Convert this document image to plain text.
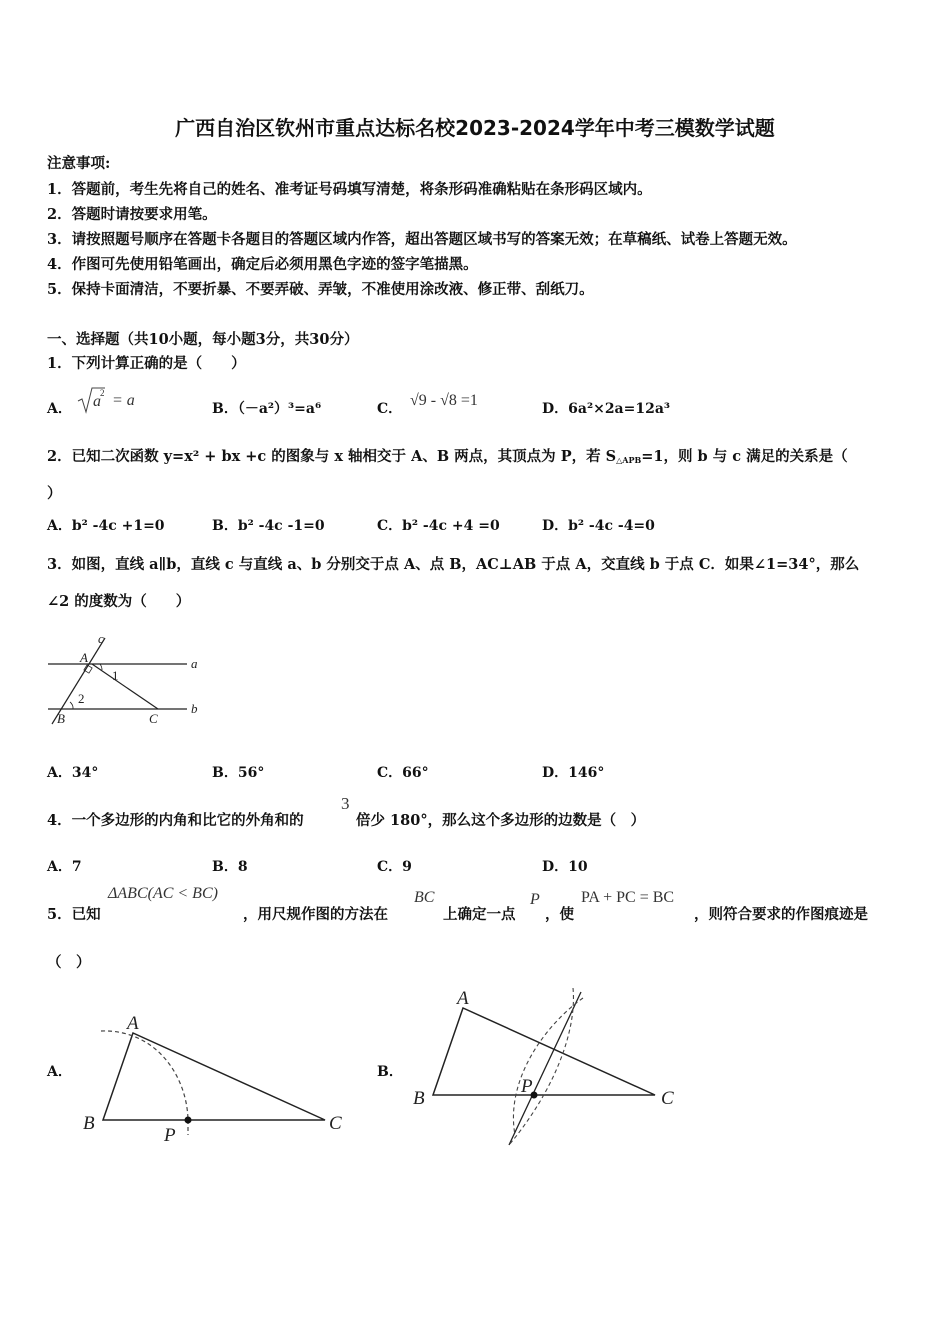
广西自治区钦州市重点达标名校2023-2024学年中考三模数学试题
注意事项:
1．答题前，考生先将自己的姓名、准考证号码填写清楚，将条形码准确粘贴在条形码区域内。
2．答题时请按要求用笔。
3．请按照题号顺序在答题卡各题目的答题区域内作答，超出答题区域书写的答案无效；在草稿纸、试卷上答题无效。
4．作图可先使用铅笔画出，确定后必须用黑色字迹的签字笔描黑。
5．保持卡面清洁，不要折暴、不要弄破、弄皱，不准使用涂改液、修正带、刮纸刀。
一、选择题（共10小题，每小题3分，共30分）
1．下列计算正确的是（　　）
A． a 2 = a	B．（－a²）³=a⁶	C． √9 - √8 =1	D．6a²×2a=12a³
2．已知二次函数 y=x² + bx +c 的图象与 x 轴相交于 A、B 两点，其顶点为 P，若 $S_{\triangle APB}=1$，则 b 与 c 满足的关系是（
）
A．b² -4c +1=0	B．b² -4c -1=0	C．b² -4c +4 =0	D．b² -4c -4=0
3．如图，直线 a∥b，直线 c 与直线 a、b 分别交于点 A、点 B，AC⊥AB 于点 A，交直线 b 于点 C．如果∠1=34°，那么
∠2 的度数为（　　）
c
A
1
a
2
B	C
b
A．34°	B．56°	C．66°	D．146°
4．一个多边形的内角和比它的外角和的
3
倍少 180°，那么这个多边形的边数是（　）
A．7	B．8	C．9	D．10
5．已知
ΔABC(AC < BC)
，用尺规作图的方法在
BC
上确定一点
P
，使
PA + PC = BC
，则符合要求的作图痕迹是
（　）
A．
A
B
P
C
B．
A
B
P
C
